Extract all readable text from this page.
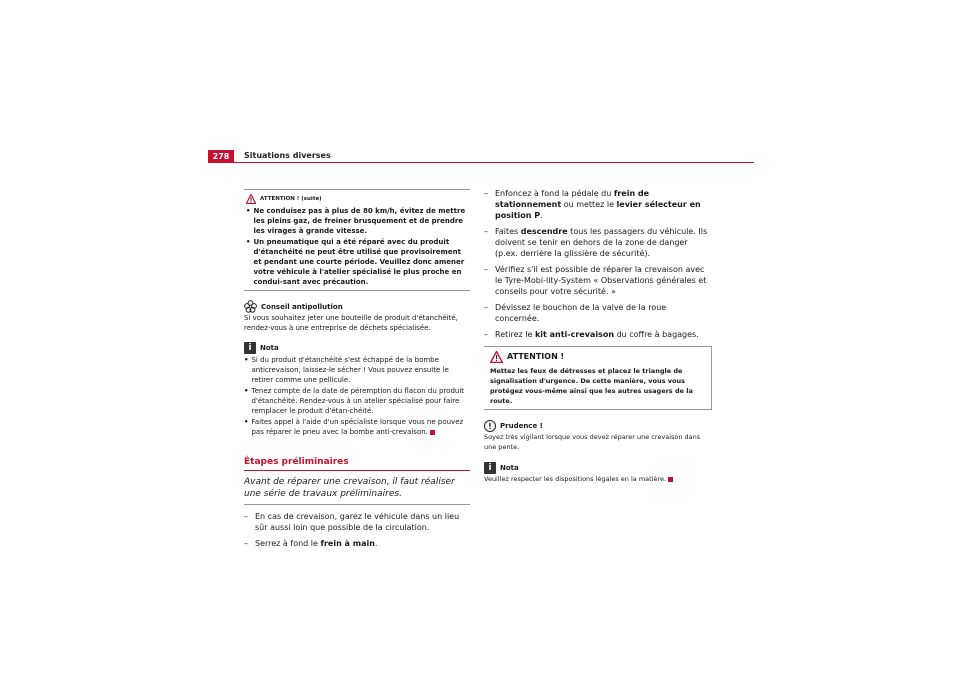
278	Situations diverses
ATTENTION ! (suite)
• Ne conduisez pas à plus de 80 km/h, évitez de mettre les pleins gaz, de freiner brusquement et de prendre les virages à grande vitesse.
• Un pneumatique qui a été réparé avec du produit d'étanchéité ne peut être utilisé que provisoirement et pendant une courte période. Veuillez donc amener votre véhicule à l'atelier spécialisé le plus proche en condui-sant avec précaution.
Conseil antipollution
Si vous souhaitez jeter une bouteille de produit d'étanchéité, rendez-vous à une entreprise de déchets spécialisée.
i	Nota
• Si du produit d'étanchéité s'est échappé de la bombe anticrevaison, laissez-le sécher ! Vous pouvez ensuite le retirer comme une pellicule.
• Tenez compte de la date de péremption du flacon du produit d'étanchéité. Rendez-vous à un atelier spécialisé pour faire remplacer le produit d'étan-chéité.
• Faites appel à l'aide d'un spécialiste lorsque vous ne pouvez pas réparer le pneu avec la bombe anti-crevaison.
Étapes préliminaires
Avant de réparer une crevaison, il faut réaliser une série de travaux préliminaires.
– En cas de crevaison, garez le véhicule dans un lieu sûr aussi loin que possible de la circulation.
– Serrez à fond le frein à main.
– Enfoncez à fond la pédale du frein de stationnement ou mettez le levier sélecteur en position P.
– Faites descendre tous les passagers du véhicule. Ils doivent se tenir en dehors de la zone de danger (p.ex. derrière la glissière de sécurité).
– Vérifiez s'il est possible de réparer la crevaison avec le Tyre-Mobi-lity-System « Observations générales et conseils pour votre sécurité. »
– Dévissez le bouchon de la valve de la roue concernée.
– Retirez le kit anti-crevaison du coffre à bagages.
ATTENTION !
Mettez les feux de détresses et placez le triangle de signalisation d'urgence. De cette manière, vous vous protégez vous-même ainsi que les autres usagers de la route.
!	Prudence !
Soyez très vigilant lorsque vous devez réparer une crevaison dans une pente.
i	Nota
Veuillez respecter les dispositions légales en la matière.
